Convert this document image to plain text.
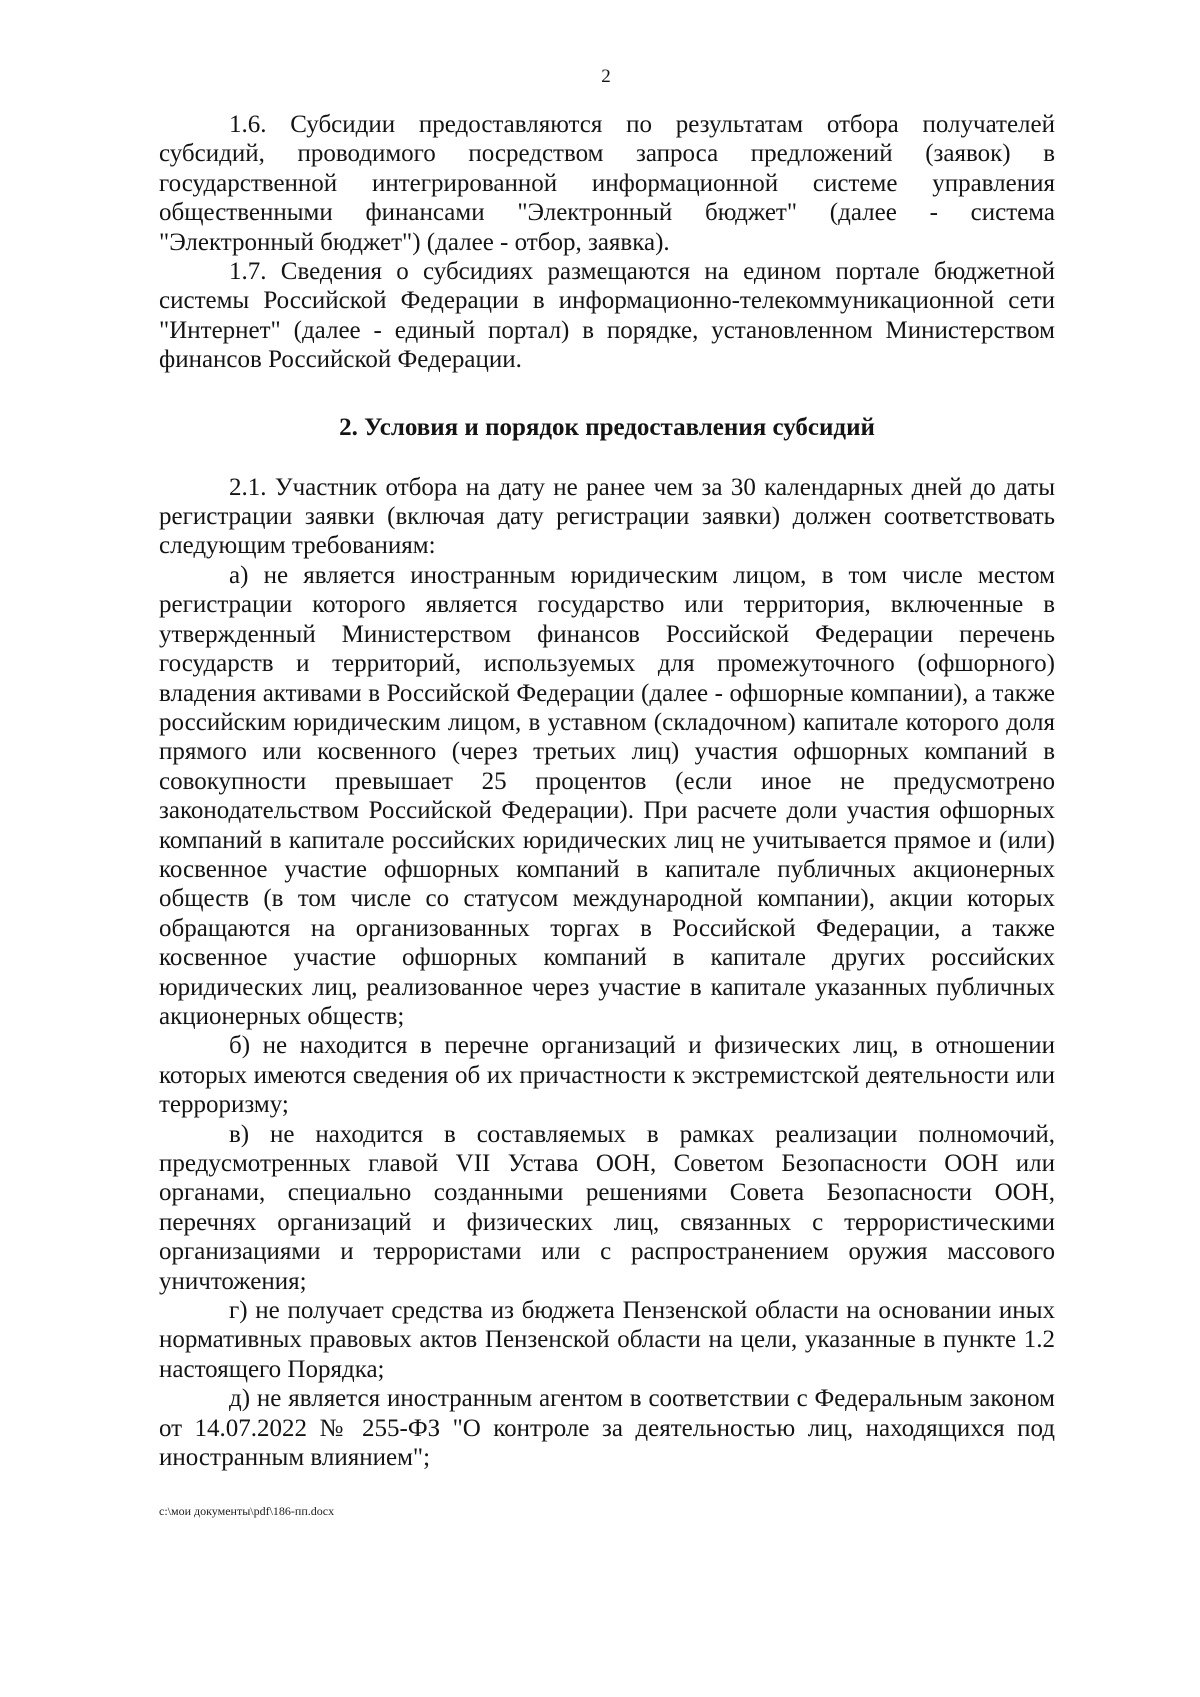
2

1.6. Субсидии предоставляются по результатам отбора получателей субсидий, проводимого посредством запроса предложений (заявок) в государственной интегрированной информационной системе управления общественными финансами "Электронный бюджет" (далее - система "Электронный бюджет") (далее - отбор, заявка).

1.7. Сведения о субсидиях размещаются на едином портале бюджетной системы Российской Федерации в информационно-телекоммуникационной сети "Интернет" (далее - единый портал) в порядке, установленном Министерством финансов Российской Федерации.

2. Условия и порядок предоставления субсидий

2.1. Участник отбора на дату не ранее чем за 30 календарных дней до даты регистрации заявки (включая дату регистрации заявки) должен соответствовать следующим требованиям:

а) не является иностранным юридическим лицом, в том числе местом регистрации которого является государство или территория, включенные в утвержденный Министерством финансов Российской Федерации перечень государств и территорий, используемых для промежуточного (офшорного) владения активами в Российской Федерации (далее - офшорные компании), а также российским юридическим лицом, в уставном (складочном) капитале которого доля прямого или косвенного (через третьих лиц) участия офшорных компаний в совокупности превышает 25 процентов (если иное не предусмотрено законодательством Российской Федерации). При расчете доли участия офшорных компаний в капитале российских юридических лиц не учитывается прямое и (или) косвенное участие офшорных компаний в капитале публичных акционерных обществ (в том числе со статусом международной компании), акции которых обращаются на организованных торгах в Российской Федерации, а также косвенное участие офшорных компаний в капитале других российских юридических лиц, реализованное через участие в капитале указанных публичных акционерных обществ;

б) не находится в перечне организаций и физических лиц, в отношении которых имеются сведения об их причастности к экстремистской деятельности или терроризму;

в) не находится в составляемых в рамках реализации полномочий, предусмотренных главой VII Устава ООН, Советом Безопасности ООН или органами, специально созданными решениями Совета Безопасности ООН, перечнях организаций и физических лиц, связанных с террористическими организациями и террористами или с распространением оружия массового уничтожения;

г) не получает средства из бюджета Пензенской области на основании иных нормативных правовых актов Пензенской области на цели, указанные в пункте 1.2 настоящего Порядка;

д) не является иностранным агентом в соответствии с Федеральным законом от 14.07.2022 № 255-ФЗ "О контроле за деятельностью лиц, находящихся под иностранным влиянием";

c:\мои документы\pdf\186-пп.docx
